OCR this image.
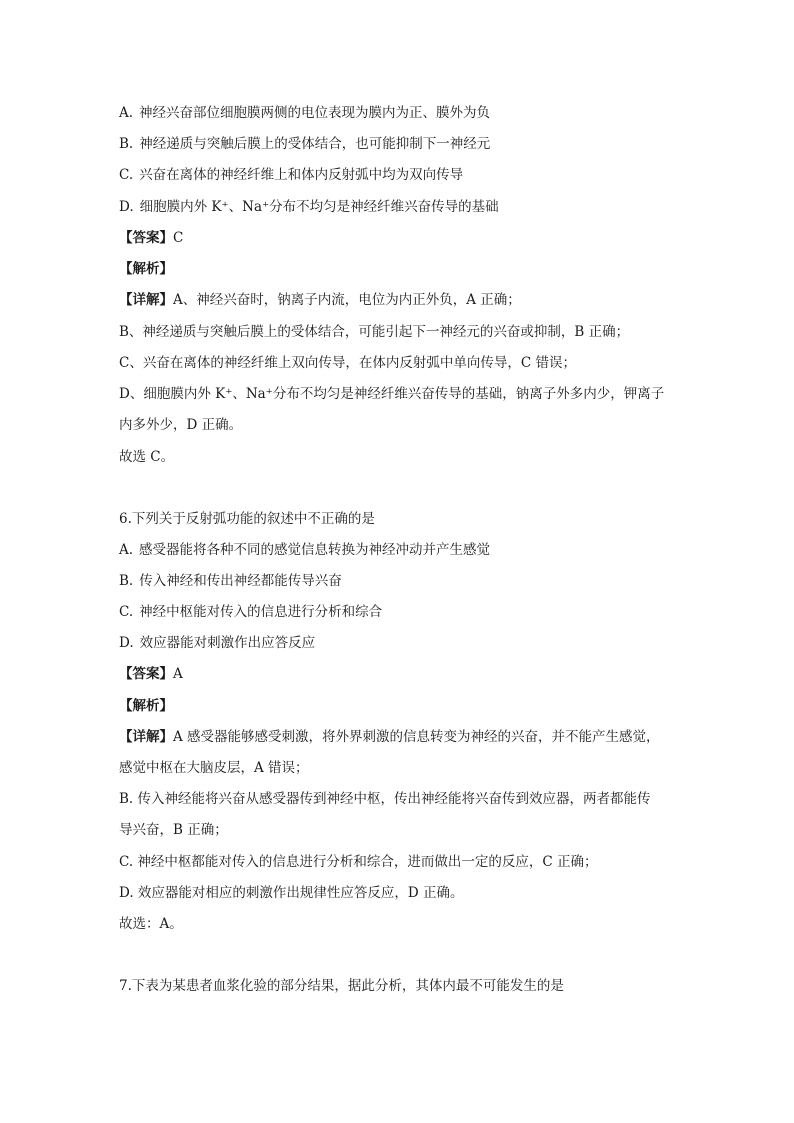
A. 神经兴奋部位细胞膜两侧的电位表现为膜内为正、膜外为负
B. 神经递质与突触后膜上的受体结合，也可能抑制下一神经元
C. 兴奋在离体的神经纤维上和体内反射弧中均为双向传导
D. 细胞膜内外 K⁺、Na⁺分布不均匀是神经纤维兴奋传导的基础
【答案】C
【解析】
【详解】A、神经兴奋时，钠离子内流，电位为内正外负，A 正确；
B、神经递质与突触后膜上的受体结合，可能引起下一神经元的兴奋或抑制，B 正确；
C、兴奋在离体的神经纤维上双向传导，在体内反射弧中单向传导，C 错误；
D、细胞膜内外 K⁺、Na⁺分布不均匀是神经纤维兴奋传导的基础，钠离子外多内少，钾离子
内多外少，D 正确。
故选 C。
6.下列关于反射弧功能的叙述中不正确的是
A. 感受器能将各种不同的感觉信息转换为神经冲动并产生感觉
B. 传入神经和传出神经都能传导兴奋
C. 神经中枢能对传入的信息进行分析和综合
D. 效应器能对刺激作出应答反应
【答案】A
【解析】
【详解】A 感受器能够感受刺激，将外界刺激的信息转变为神经的兴奋，并不能产生感觉，
感觉中枢在大脑皮层，A 错误；
B. 传入神经能将兴奋从感受器传到神经中枢，传出神经能将兴奋传到效应器，两者都能传
导兴奋，B 正确；
C. 神经中枢都能对传入的信息进行分析和综合，进而做出一定的反应，C 正确；
D. 效应器能对相应的刺激作出规律性应答反应，D 正确。
故选：A。
7.下表为某患者血浆化验的部分结果，据此分析，其体内最不可能发生的是
